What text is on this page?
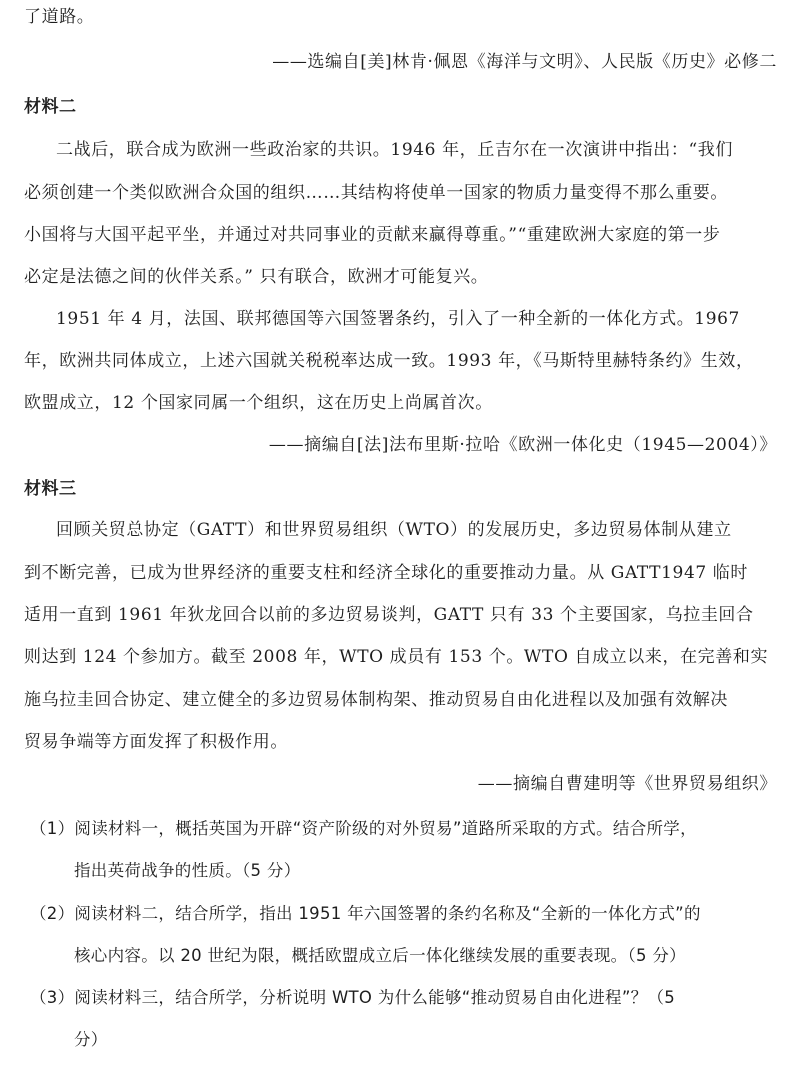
了道路。
——选编自[美]林肯·佩恩《海洋与文明》、人民版《历史》必修二
材料二
二战后，联合成为欧洲一些政治家的共识。1946 年，丘吉尔在一次演讲中指出：“我们
必须创建一个类似欧洲合众国的组织……其结构将使单一国家的物质力量变得不那么重要。
小国将与大国平起平坐，并通过对共同事业的贡献来赢得尊重。”“重建欧洲大家庭的第一步
必定是法德之间的伙伴关系。” 只有联合，欧洲才可能复兴。
1951 年 4 月，法国、联邦德国等六国签署条约，引入了一种全新的一体化方式。1967
年，欧洲共同体成立，上述六国就关税税率达成一致。1993 年，《马斯特里赫特条约》生效，
欧盟成立，12 个国家同属一个组织，这在历史上尚属首次。
——摘编自[法]法布里斯·拉哈《欧洲一体化史（1945—2004）》
材料三
回顾关贸总协定（GATT）和世界贸易组织（WTO）的发展历史，多边贸易体制从建立
到不断完善，已成为世界经济的重要支柱和经济全球化的重要推动力量。从 GATT1947 临时
适用一直到 1961 年狄龙回合以前的多边贸易谈判，GATT 只有 33 个主要国家，乌拉圭回合
则达到 124 个参加方。截至 2008 年，WTO 成员有 153 个。WTO 自成立以来，在完善和实
施乌拉圭回合协定、建立健全的多边贸易体制构架、推动贸易自由化进程以及加强有效解决
贸易争端等方面发挥了积极作用。
——摘编自曹建明等《世界贸易组织》
（1）阅读材料一，概括英国为开辟“资产阶级的对外贸易”道路所采取的方式。结合所学，
指出英荷战争的性质。（5 分）
（2）阅读材料二，结合所学，指出 1951 年六国签署的条约名称及“全新的一体化方式”的
核心内容。以 20 世纪为限，概括欧盟成立后一体化继续发展的重要表现。（5 分）
（3）阅读材料三，结合所学，分析说明 WTO 为什么能够“推动贸易自由化进程”？（5
分）
